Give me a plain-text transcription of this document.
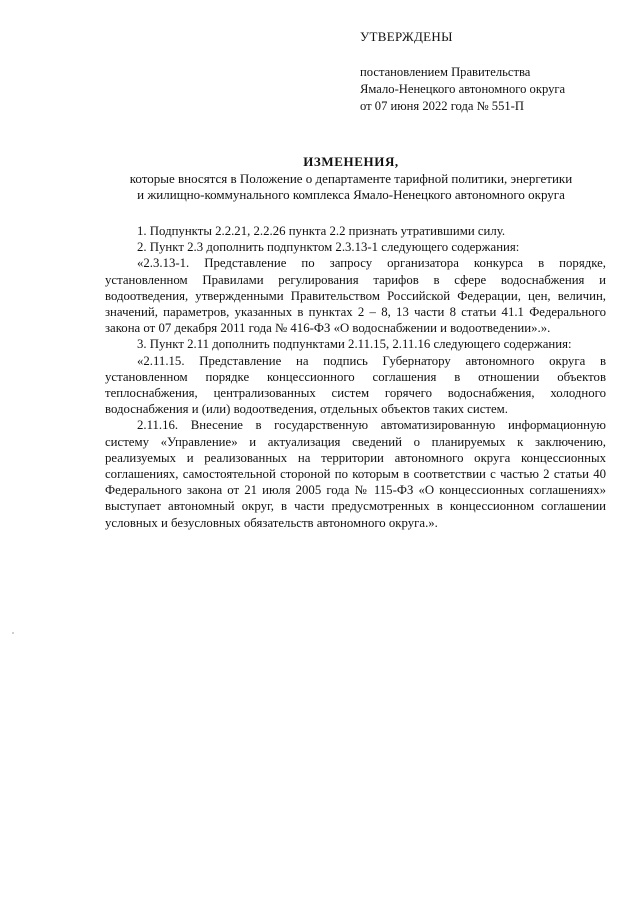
УТВЕРЖДЕНЫ
постановлением Правительства
Ямало-Ненецкого автономного округа
от 07 июня 2022 года № 551-П
ИЗМЕНЕНИЯ,
которые вносятся в Положение о департаменте тарифной политики, энергетики
и жилищно-коммунального комплекса Ямало-Ненецкого автономного округа

1. Подпункты 2.2.21, 2.2.26 пункта 2.2 признать утратившими силу.

2. Пункт 2.3 дополнить подпунктом 2.3.13-1 следующего содержания:

«2.3.13-1. Представление по запросу организатора конкурса в порядке, установленном Правилами регулирования тарифов в сфере водоснабжения и водоотведения, утвержденными Правительством Российской Федерации, цен, величин, значений, параметров, указанных в пунктах 2 – 8, 13 части 8 статьи 41.1 Федерального закона от 07 декабря 2011 года № 416-ФЗ «О водоснабжении и водоотведении».».

3. Пункт 2.11 дополнить подпунктами 2.11.15, 2.11.16 следующего содержания:

«2.11.15. Представление на подпись Губернатору автономного округа в установленном порядке концессионного соглашения в отношении объектов теплоснабжения, централизованных систем горячего водоснабжения, холодного водоснабжения и (или) водоотведения, отдельных объектов таких систем.

2.11.16. Внесение в государственную автоматизированную информационную систему «Управление» и актуализация сведений о планируемых к заключению, реализуемых и реализованных на территории автономного округа концессионных соглашениях, самостоятельной стороной по которым в соответствии с частью 2 статьи 40 Федерального закона от 21 июля 2005 года № 115-ФЗ «О концессионных соглашениях» выступает автономный округ, в части предусмотренных в концессионном соглашении условных и безусловных обязательств автономного округа.».
